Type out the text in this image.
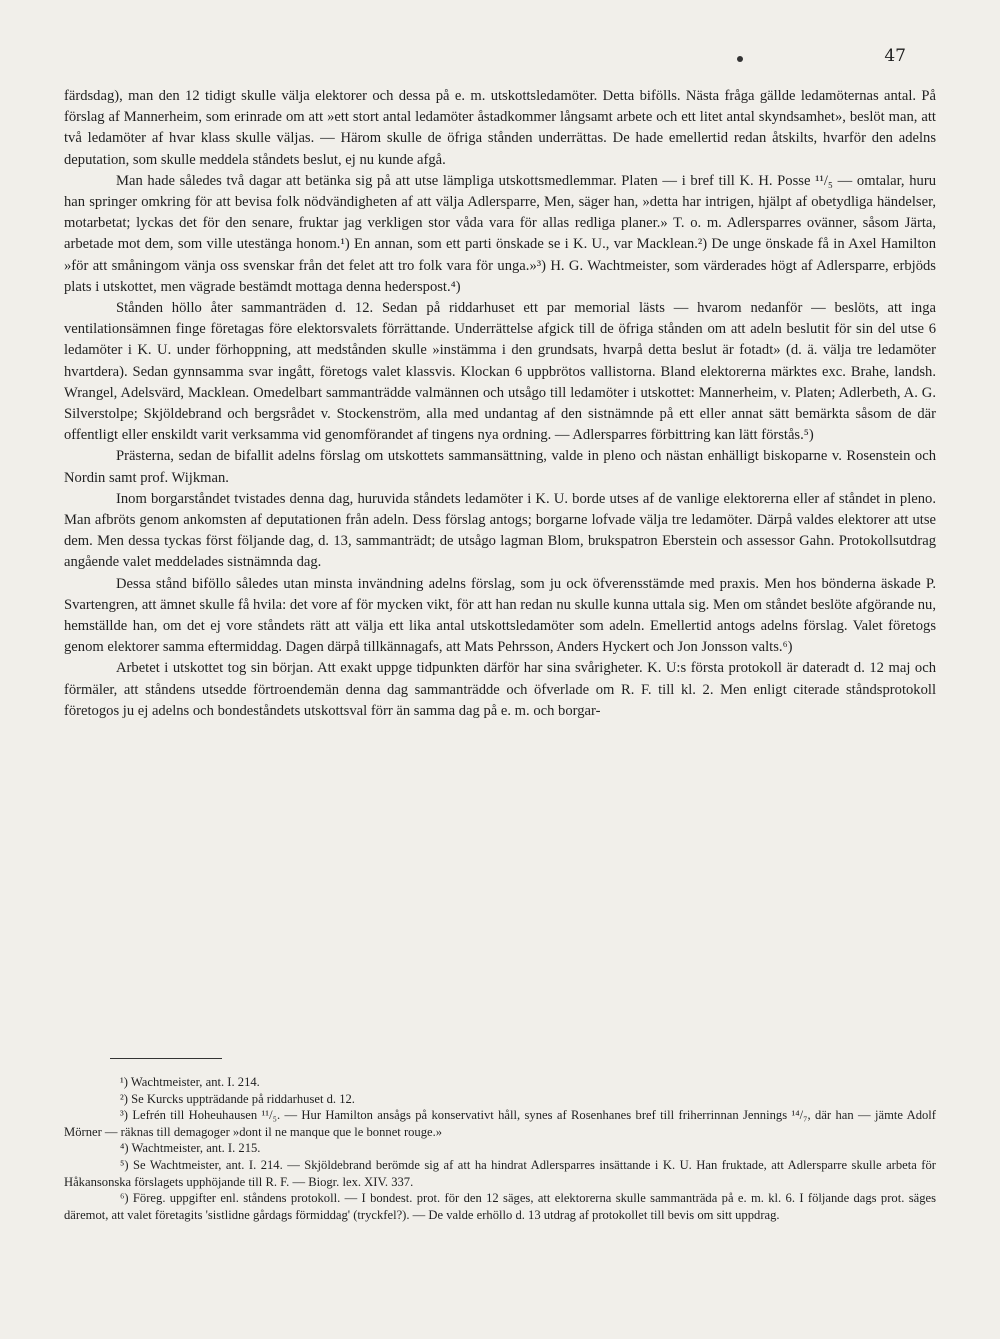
47

färdsdag), man den 12 tidigt skulle välja elektorer och dessa på e. m. utskottsledamöter. Detta bifölls. Nästa fråga gällde ledamöternas antal. På förslag af Mannerheim, som erinrade om att »ett stort antal ledamöter åstadkommer långsamt arbete och ett litet antal skyndsamhet», beslöt man, att två ledamöter af hvar klass skulle väljas. — Härom skulle de öfriga stånden underrättas. De hade emellertid redan åtskilts, hvarför den adelns deputation, som skulle meddela ståndets beslut, ej nu kunde afgå.

Man hade således två dagar att betänka sig på att utse lämpliga utskottsmedlemmar. Platen — i bref till K. H. Posse ¹¹/₅ — omtalar, huru han springer omkring för att bevisa folk nödvändigheten af att välja Adlersparre, Men, säger han, »detta har intrigen, hjälpt af obetydliga händelser, motarbetat; lyckas det för den senare, fruktar jag verkligen stor våda vara för allas redliga planer.» T. o. m. Adlersparres ovänner, såsom Järta, arbetade mot dem, som ville utestänga honom.¹) En annan, som ett parti önskade se i K. U., var Macklean.²) De unge önskade få in Axel Hamilton »för att småningom vänja oss svenskar från det felet att tro folk vara för unga.»³) H. G. Wachtmeister, som värderades högt af Adlersparre, erbjöds plats i utskottet, men vägrade bestämdt mottaga denna hederspost.⁴)

Stånden höllo åter sammanträden d. 12. Sedan på riddarhuset ett par memorial lästs — hvarom nedanför — beslöts, att inga ventilationsämnen finge företagas före elektorsvalets förrättande. Underrättelse afgick till de öfriga stånden om att adeln beslutit för sin del utse 6 ledamöter i K. U. under förhoppning, att medstånden skulle »instämma i den grundsats, hvarpå detta beslut är fotadt» (d. ä. välja tre ledamöter hvartdera). Sedan gynnsamma svar ingått, företogs valet klassvis. Klockan 6 uppbrötos vallistorna. Bland elektorerna märktes exc. Brahe, landsh. Wrangel, Adelsvärd, Macklean. Omedelbart sammanträdde valmännen och utsågo till ledamöter i utskottet: Mannerheim, v. Platen; Adlerbeth, A. G. Silverstolpe; Skjöldebrand och bergsrådet v. Stockenström, alla med undantag af den sistnämnde på ett eller annat sätt bemärkta såsom de där offentligt eller enskildt varit verksamma vid genomförandet af tingens nya ordning. — Adlersparres förbittring kan lätt förstås.⁵)

Prästerna, sedan de bifallit adelns förslag om utskottets sammansättning, valde in pleno och nästan enhälligt biskoparne v. Rosenstein och Nordin samt prof. Wijkman.

Inom borgarståndet tvistades denna dag, huruvida ståndets ledamöter i K. U. borde utses af de vanlige elektorerna eller af ståndet in pleno. Man afbröts genom ankomsten af deputationen från adeln. Dess förslag antogs; borgarne lofvade välja tre ledamöter. Därpå valdes elektorer att utse dem. Men dessa tyckas först följande dag, d. 13, sammanträdt; de utsågo lagman Blom, brukspatron Eberstein och assessor Gahn. Protokollsutdrag angående valet meddelades sistnämnda dag.

Dessa stånd biföllo således utan minsta invändning adelns förslag, som ju ock öfverensstämde med praxis. Men hos bönderna äskade P. Svartengren, att ämnet skulle få hvila: det vore af för mycken vikt, för att han redan nu skulle kunna uttala sig. Men om ståndet beslöte afgörande nu, hemställde han, om det ej vore ståndets rätt att välja ett lika antal utskottsledamöter som adeln. Emellertid antogs adelns förslag. Valet företogs genom elektorer samma eftermiddag. Dagen därpå tillkännagafs, att Mats Pehrsson, Anders Hyckert och Jon Jonsson valts.⁶)

Arbetet i utskottet tog sin början. Att exakt uppge tidpunkten därför har sina svårigheter. K. U:s första protokoll är dateradt d. 12 maj och förmäler, att ståndens utsedde förtroendemän denna dag sammanträdde och öfverlade om R. F. till kl. 2. Men enligt citerade ståndsprotokoll företogos ju ej adelns och bondeståndets utskottsval förr än samma dag på e. m. och borgar-

¹) Wachtmeister, ant. I. 214.

²) Se Kurcks uppträdande på riddarhuset d. 12.

³) Lefrén till Hoheuhausen ¹¹/₅. — Hur Hamilton ansågs på konservativt håll, synes af Rosenhanes bref till friherrinnan Jennings ¹⁴/₇, där han — jämte Adolf Mörner — räknas till demagoger »dont il ne manque que le bonnet rouge.»

⁴) Wachtmeister, ant. I. 215.

⁵) Se Wachtmeister, ant. I. 214. — Skjöldebrand berömde sig af att ha hindrat Adlersparres insättande i K. U. Han fruktade, att Adlersparre skulle arbeta för Håkansonska förslagets upphöjande till R. F. — Biogr. lex. XIV. 337.

⁶) Föreg. uppgifter enl. ståndens protokoll. — I bondest. prot. för den 12 säges, att elektorerna skulle sammanträda på e. m. kl. 6. I följande dags prot. säges däremot, att valet företagits 'sistlidne gårdags förmiddag' (tryckfel?). — De valde erhöllo d. 13 utdrag af protokollet till bevis om sitt uppdrag.
